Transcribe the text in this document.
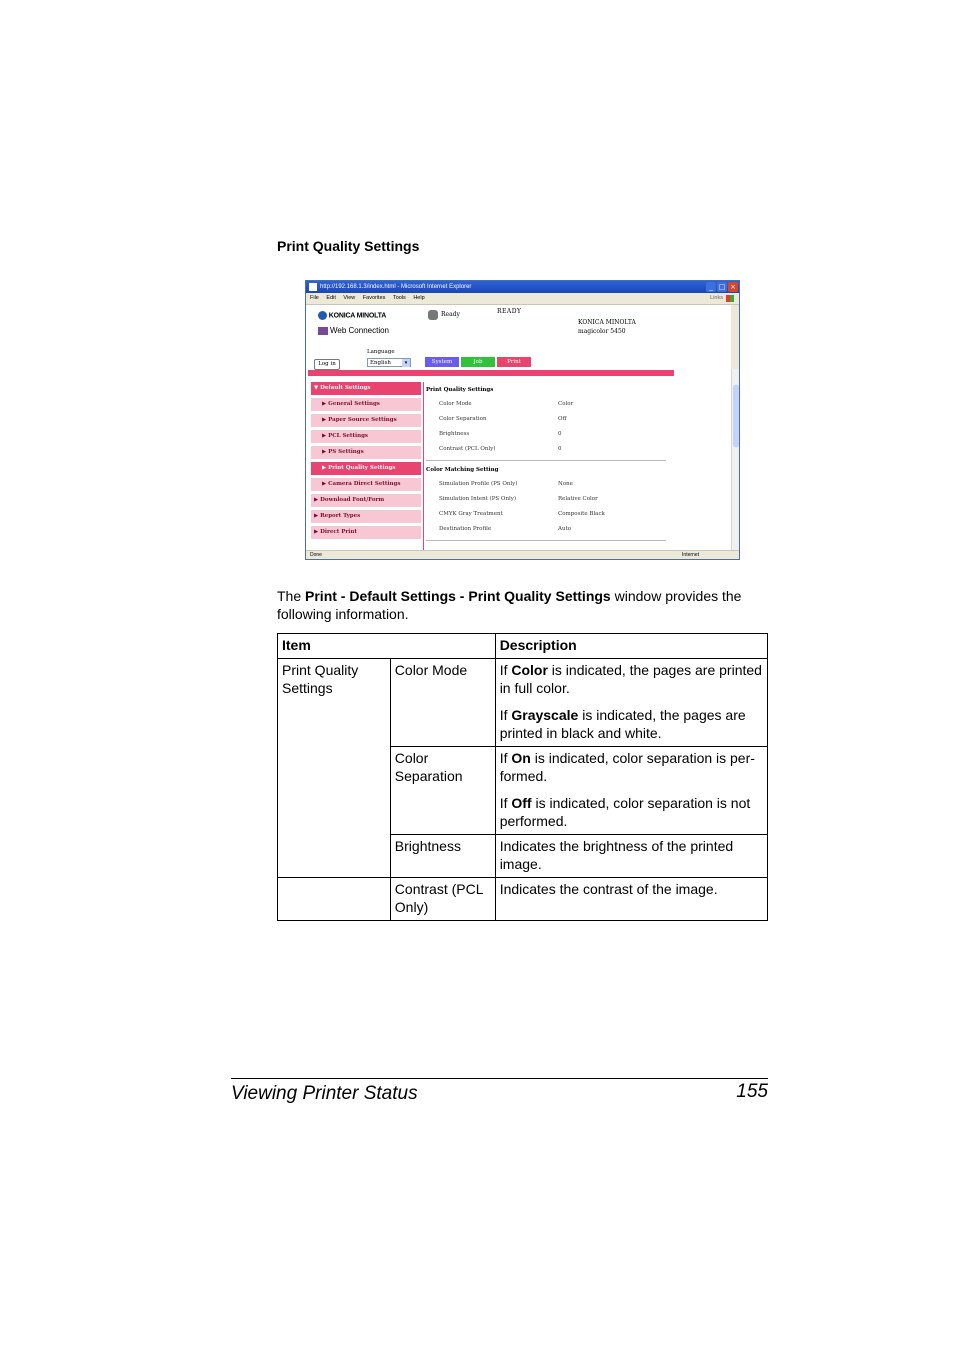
Print Quality Settings
http://192.168.1.3/index.html - Microsoft Internet Explorer	_ □ ×
File Edit View Favorites Tools Help	Links
KONICA MINOLTA
Web Connection
Ready	READY
KONICA MINOLTA
magicolor 5450
Language
Log in	English	▾	System	Job	Print
▼ Default Settings
▶ General Settings
▶ Paper Source Settings
▶ PCL Settings
▶ PS Settings
▶ Print Quality Settings
▶ Camera Direct Settings
▶ Download Font/Form
▶ Report Types
▶ Direct Print
Print Quality Settings
Color Mode	Color
Color Separation	Off
Brightness	0
Contrast (PCL Only)	0
Color Matching Setting
Simulation Profile (PS Only)	None
Simulation Intent (PS Only)	Relative Color
CMYK Gray Treatment	Composite Black
Destination Profile	Auto
Done	Internet
The Print - Default Settings - Print Quality Settings window provides the following information.
Item		Description
Print Quality Settings	Color Mode	If Color is indicated, the pages are printed in full color.

If Grayscale is indicated, the pages are printed in black and white.

	Color Separation	If On is indicated, color separation is per-formed.

If Off is indicated, color separation is not performed.

	Brightness	Indicates the brightness of the printed image.
	Contrast (PCL Only)	Indicates the contrast of the image.
Viewing Printer Status	155
